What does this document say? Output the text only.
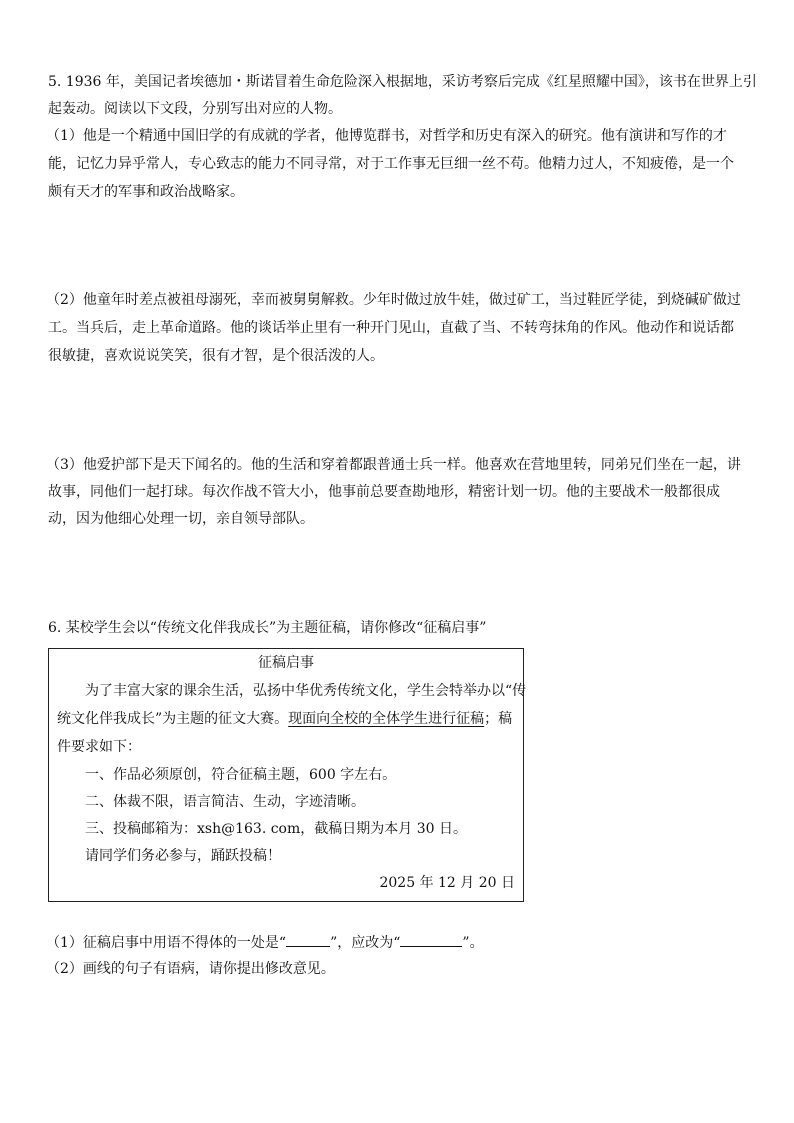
5. 1936 年，美国记者埃德加・斯诺冒着生命危险深入根据地，采访考察后完成《红星照耀中国》，该书在世界上引
起轰动。阅读以下文段，分别写出对应的人物。
（1）他是一个精通中国旧学的有成就的学者，他博览群书，对哲学和历史有深入的研究。他有演讲和写作的才
能，记忆力异乎常人，专心致志的能力不同寻常，对于工作事无巨细一丝不苟。他精力过人，不知疲倦，是一个
颇有天才的军事和政治战略家。
（2）他童年时差点被祖母溺死，幸而被舅舅解救。少年时做过放牛娃，做过矿工，当过鞋匠学徒，到烧碱矿做过
工。当兵后，走上革命道路。他的谈话举止里有一种开门见山，直截了当、不转弯抹角的作风。他动作和说话都
很敏捷，喜欢说说笑笑，很有才智，是个很活泼的人。
（3）他爱护部下是天下闻名的。他的生活和穿着都跟普通士兵一样。他喜欢在营地里转，同弟兄们坐在一起，讲
故事，同他们一起打球。每次作战不管大小，他事前总要查勘地形，精密计划一切。他的主要战术一般都很成
动，因为他细心处理一切，亲自领导部队。
6. 某校学生会以“传统文化伴我成长”为主题征稿，请你修改“征稿启事”
征稿启事
为了丰富大家的课余生活，弘扬中华优秀传统文化，学生会特举办以“传
统文化伴我成长”为主题的征文大赛。现面向全校的全体学生进行征稿；稿
件要求如下：
一、作品必须原创，符合征稿主题，600 字左右。
二、体裁不限，语言简洁、生动，字迹清晰。
三、投稿邮箱为：xsh@163. com，截稿日期为本月 30 日。
请同学们务必参与，踊跃投稿！
2025 年 12 月 20 日
（1）征稿启事中用语不得体的一处是“	”，应改为“	”。
（2）画线的句子有语病，请你提出修改意见。
